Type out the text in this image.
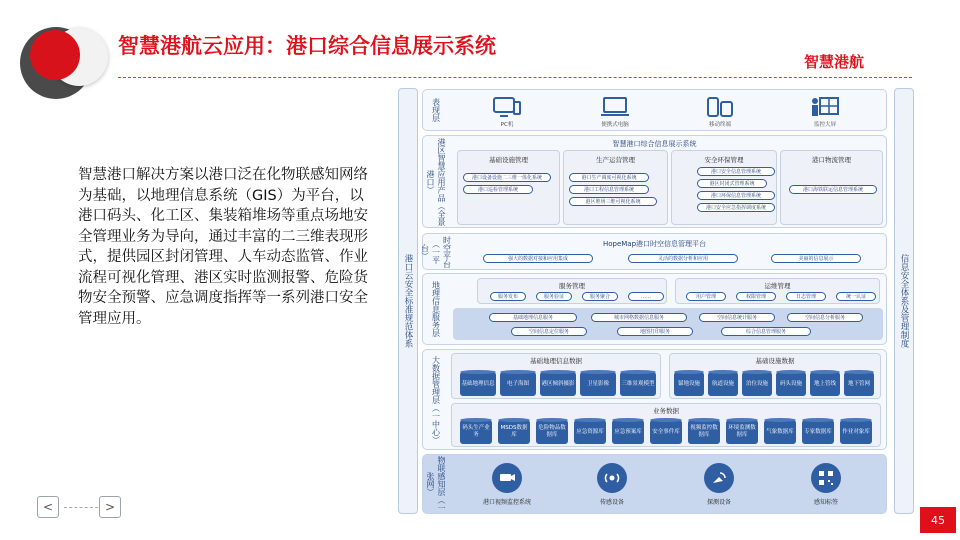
智慧港航云应用：港口综合信息展示系统
智慧港航
智慧港口解决方案以港口泛在化物联感知网络为基础，以地理信息系统（GIS）为平台，以港口码头、化工区、集装箱堆场等重点场地安全管理业务为导向，通过丰富的二三维表现形式，提供园区封闭管理、人车动态监管、作业流程可视化管理、港区实时监测报警、危险货物安全预警、应急调度指挥等一系列港口安全管理应用。
<	>
45
港口云安全标准规范体系	信息安全体系及管理制度
表现层
PC机	便携式电脑	移动终端	监控大屏
港区智慧应用产品（全景港口）
智慧港口综合信息展示系统
基础设施管理
港口设备设施二三维一体化系统
港口巡检管理系统
生产运营管理
港口生产调度可视化系统
港口工程信息管理系统
港区堆场三维可视化系统
安全环保管理
港口安全信息管理系统
港区封闭式管理系统
港口环保信息管理系统
港口安全应急指挥调度系统
港口物流管理
港口海铁联运信息管理系统
时空平台（一平台）	HopeMap港口时空信息管理平台
强大的数据对接和应用集成	灵活的数据分析和应用	美丽的信息展示
地理信息服务层	服务管理
服务发布	服务验证	服务聚合	……
运维管理
用户管理	权限管理	日志管理	统一认证
基础地理信息服务	城市网格数据信息服务	空间信息统计服务	空间信息分析服务
空间信息定位服务	地图打印服务	综合信息管理服务
大数据管理层（一中心）	基础地理信息数据
基础地理信息	电子海图	港区倾斜摄影	卫星影像	三维景观模型
基础设施数据
锚地设施	航道设施	泊位设施	码头设施	地上管线	地下管网
业务数据
码头生产业务
MSDS数据库
危险物品数据库
应急资源库	应急预案库	安全事件库
视频监控数据库
环境监测数据库
气象数据库	专家数据库	作业对象库
物联感知层（一张网）
港口视频监控系统	传感设备	探测设备	感知标签
